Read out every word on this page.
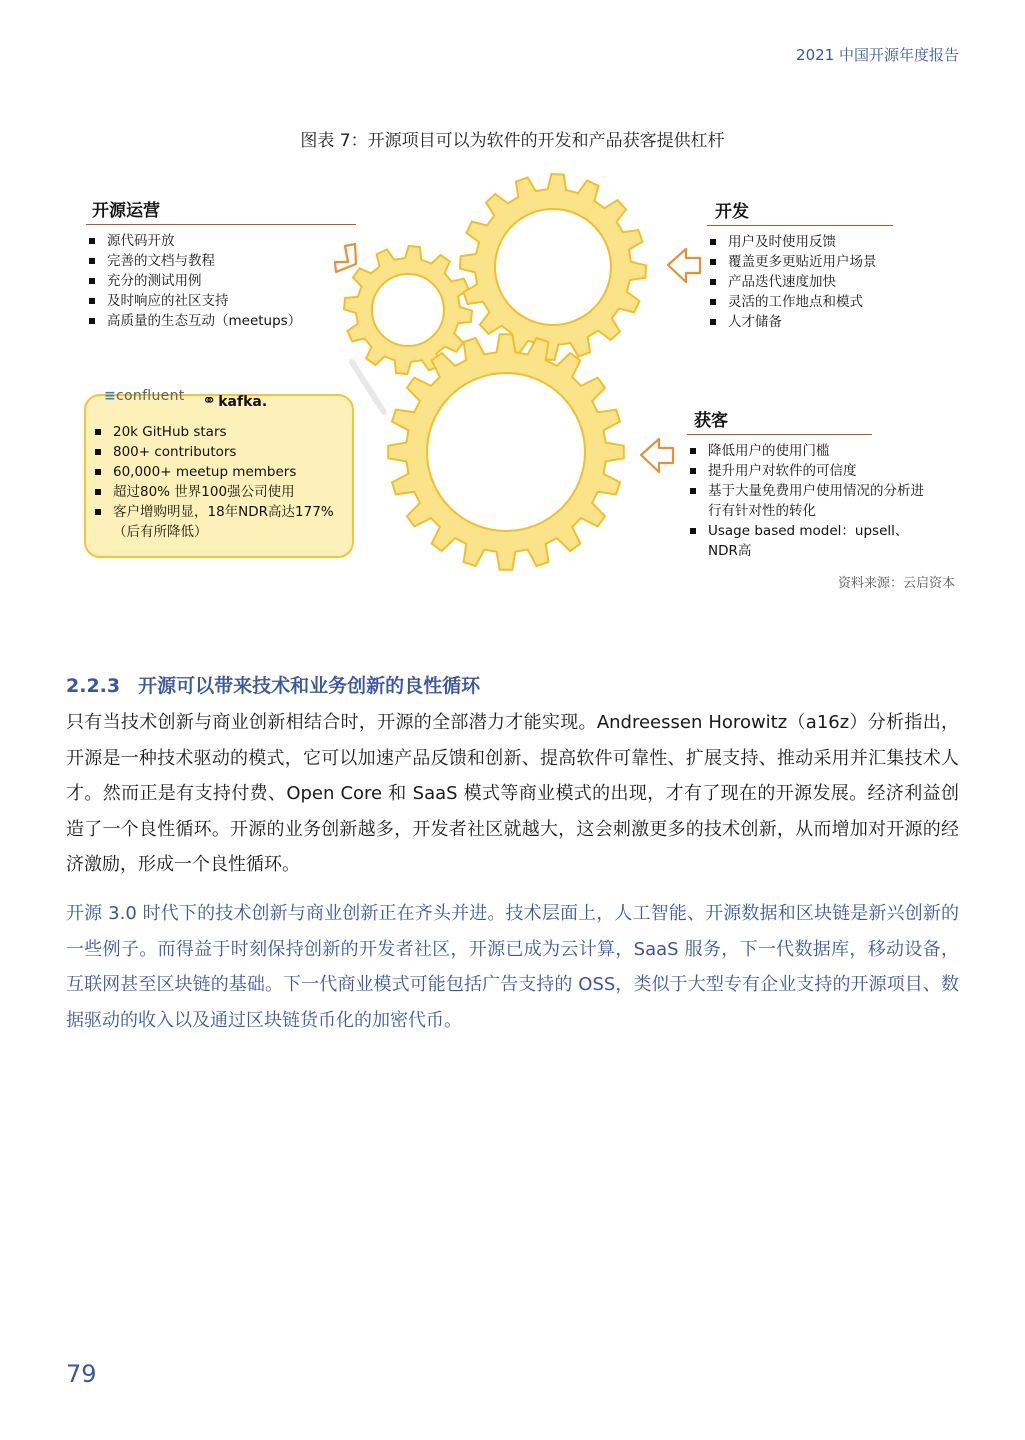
2021 中国开源年度报告
图表 7：开源项目可以为软件的开发和产品获客提供杠杆
开源运营
源代码开放
完善的文档与教程
充分的测试用例
及时响应的社区支持
高质量的生态互动（meetups）
开发
用户及时使用反馈
覆盖更多更贴近用户场景
产品迭代速度加快
灵活的工作地点和模式
人才储备
获客
降低用户的使用门槛
提升用户对软件的可信度
基于大量免费用户使用情况的分析进行有针对性的转化
Usage based model：upsell、NDR高
20k GitHub stars
800+ contributors
60,000+ meetup members
超过80% 世界100强公司使用
客户增购明显，18年NDR高达177%（后有所降低）
≡confluent ⚭ kafka.
资料来源：云启资本
2.2.3 开源可以带来技术和业务创新的良性循环
只有当技术创新与商业创新相结合时，开源的全部潜力才能实现。Andreessen Horowitz（a16z）分析指出，开源是一种技术驱动的模式，它可以加速产品反馈和创新、提高软件可靠性、扩展支持、推动采用并汇集技术人才。然而正是有支持付费、Open Core 和 SaaS 模式等商业模式的出现，才有了现在的开源发展。经济利益创造了一个良性循环。开源的业务创新越多，开发者社区就越大，这会刺激更多的技术创新，从而增加对开源的经济激励，形成一个良性循环。
开源 3.0 时代下的技术创新与商业创新正在齐头并进。技术层面上，人工智能、开源数据和区块链是新兴创新的一些例子。而得益于时刻保持创新的开发者社区，开源已成为云计算，SaaS 服务，下一代数据库，移动设备，互联网甚至区块链的基础。下一代商业模式可能包括广告支持的 OSS，类似于大型专有企业支持的开源项目、数据驱动的收入以及通过区块链货币化的加密代币。
79
